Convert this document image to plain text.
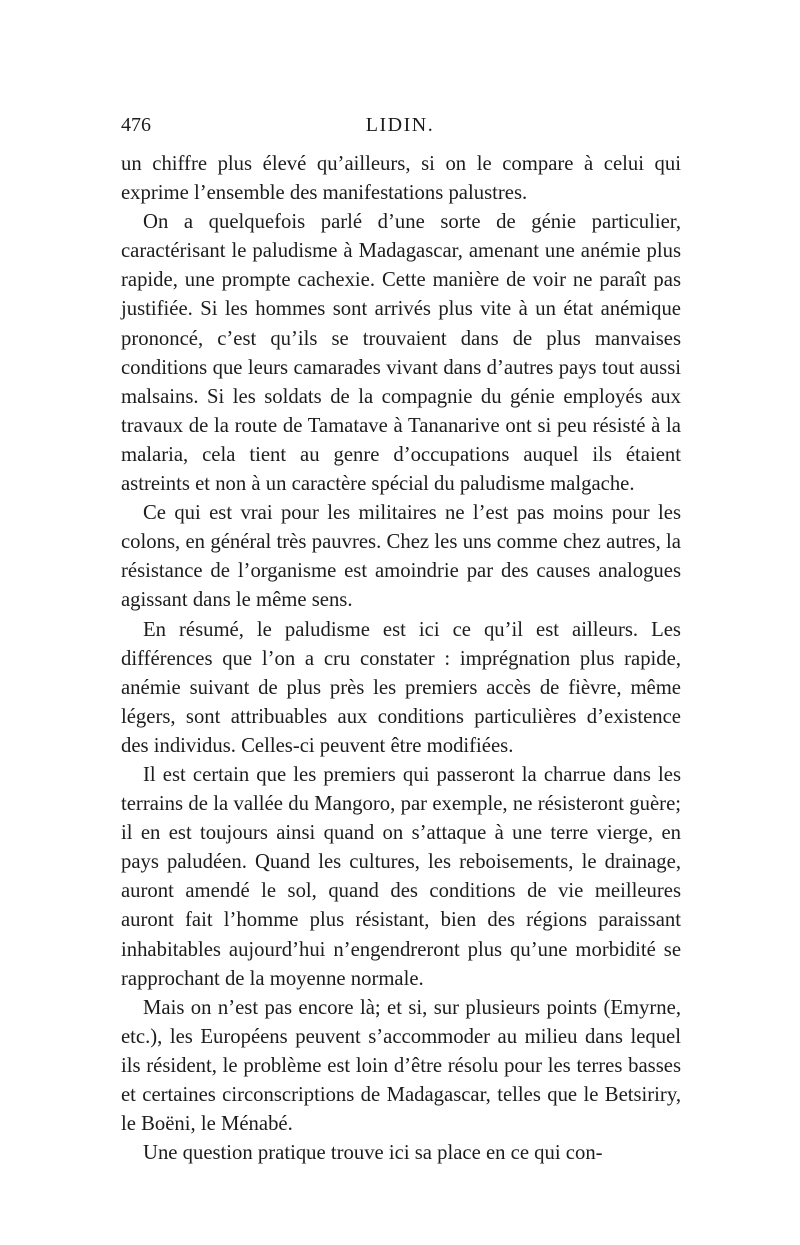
476	LIDIN.

un chiffre plus élevé qu’ailleurs, si on le compare à celui qui exprime l’ensemble des manifestations palustres.

On a quelquefois parlé d’une sorte de génie particulier, caractérisant le paludisme à Madagascar, amenant une anémie plus rapide, une prompte cachexie. Cette manière de voir ne paraît pas justifiée. Si les hommes sont arrivés plus vite à un état anémique prononcé, c’est qu’ils se trouvaient dans de plus manvaises conditions que leurs camarades vivant dans d’autres pays tout aussi malsains. Si les soldats de la compagnie du génie employés aux travaux de la route de Tamatave à Tananarive ont si peu résisté à la malaria, cela tient au genre d’occupations auquel ils étaient astreints et non à un caractère spécial du paludisme malgache.

Ce qui est vrai pour les militaires ne l’est pas moins pour les colons, en général très pauvres. Chez les uns comme chez autres, la résistance de l’organisme est amoindrie par des causes analogues agissant dans le même sens.

En résumé, le paludisme est ici ce qu’il est ailleurs. Les différences que l’on a cru constater : imprégnation plus rapide, anémie suivant de plus près les premiers accès de fièvre, même légers, sont attribuables aux conditions particulières d’existence des individus. Celles-ci peuvent être modifiées.

Il est certain que les premiers qui passeront la charrue dans les terrains de la vallée du Mangoro, par exemple, ne résisteront guère; il en est toujours ainsi quand on s’attaque à une terre vierge, en pays paludéen. Quand les cultures, les reboisements, le drainage, auront amendé le sol, quand des conditions de vie meilleures auront fait l’homme plus résistant, bien des régions paraissant inhabitables aujourd’hui n’engendreront plus qu’une morbidité se rapprochant de la moyenne normale.

Mais on n’est pas encore là; et si, sur plusieurs points (Emyrne, etc.), les Européens peuvent s’accommoder au milieu dans lequel ils résident, le problème est loin d’être résolu pour les terres basses et certaines circonscriptions de Madagascar, telles que le Betsiriry, le Boëni, le Ménabé.

Une question pratique trouve ici sa place en ce qui con-
